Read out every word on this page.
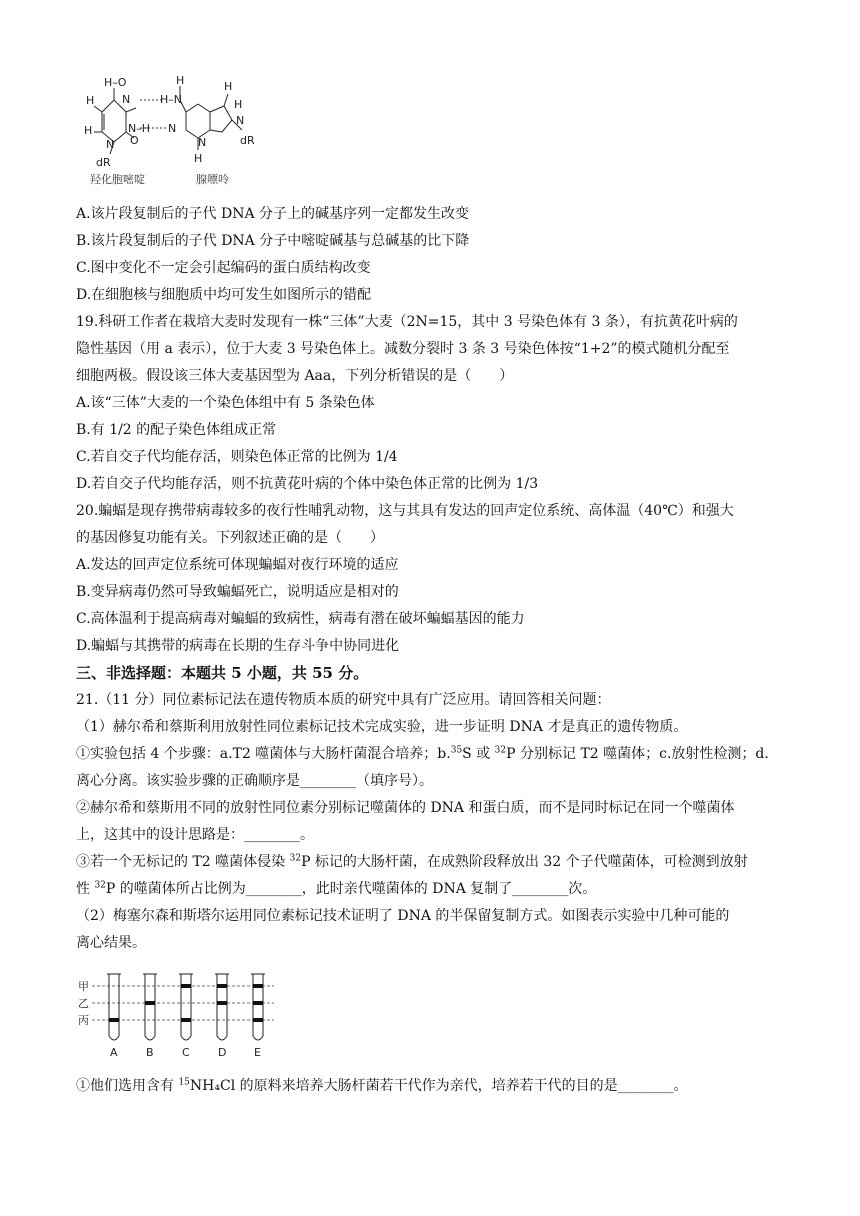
H–O
N
H
H	N–H
N O
dR
H–N
H
N
H
H
N
dR
H
N
羟化胞嘧啶	腺嘌呤
A.该片段复制后的子代 DNA 分子上的碱基序列一定都发生改变
B.该片段复制后的子代 DNA 分子中嘧啶碱基与总碱基的比下降
C.图中变化不一定会引起编码的蛋白质结构改变
D.在细胞核与细胞质中均可发生如图所示的错配
19.科研工作者在栽培大麦时发现有一株“三体”大麦（2N=15，其中 3 号染色体有 3 条），有抗黄花叶病的
隐性基因（用 a 表示），位于大麦 3 号染色体上。减数分裂时 3 条 3 号染色体按“1+2”的模式随机分配至
细胞两极。假设该三体大麦基因型为 Aaa，下列分析错误的是（　　）
A.该“三体”大麦的一个染色体组中有 5 条染色体
B.有 1/2 的配子染色体组成正常
C.若自交子代均能存活，则染色体正常的比例为 1/4
D.若自交子代均能存活，则不抗黄花叶病的个体中染色体正常的比例为 1/3
20.蝙蝠是现存携带病毒较多的夜行性哺乳动物，这与其具有发达的回声定位系统、高体温（40℃）和强大
的基因修复功能有关。下列叙述正确的是（　　）
A.发达的回声定位系统可体现蝙蝠对夜行环境的适应
B.变异病毒仍然可导致蝙蝠死亡，说明适应是相对的
C.高体温利于提高病毒对蝙蝠的致病性，病毒有潜在破坏蝙蝠基因的能力
D.蝙蝠与其携带的病毒在长期的生存斗争中协同进化
三、非选择题：本题共 5 小题，共 55 分。
21.（11 分）同位素标记法在遗传物质本质的研究中具有广泛应用。请回答相关问题：
（1）赫尔希和蔡斯利用放射性同位素标记技术完成实验，进一步证明 DNA 才是真正的遗传物质。
①实验包括 4 个步骤：a.T2 噬菌体与大肠杆菌混合培养；b.$^{35}$S 或 $^{32}$P 分别标记 T2 噬菌体；c.放射性检测；d.
离心分离。该实验步骤的正确顺序是________（填序号）。
②赫尔希和蔡斯用不同的放射性同位素分别标记噬菌体的 DNA 和蛋白质，而不是同时标记在同一个噬菌体
上，这其中的设计思路是：________。
③若一个无标记的 T2 噬菌体侵染 $^{32}$P 标记的大肠杆菌，在成熟阶段释放出 32 个子代噬菌体，可检测到放射
性 $^{32}$P 的噬菌体所占比例为________，此时亲代噬菌体的 DNA 复制了________次。
（2）梅塞尔森和斯塔尔运用同位素标记技术证明了 DNA 的半保留复制方式。如图表示实验中几种可能的
离心结果。
甲
乙
丙
A	B	C	D	E
①他们选用含有 $^{15}$NH₄Cl 的原料来培养大肠杆菌若干代作为亲代，培养若干代的目的是________。
